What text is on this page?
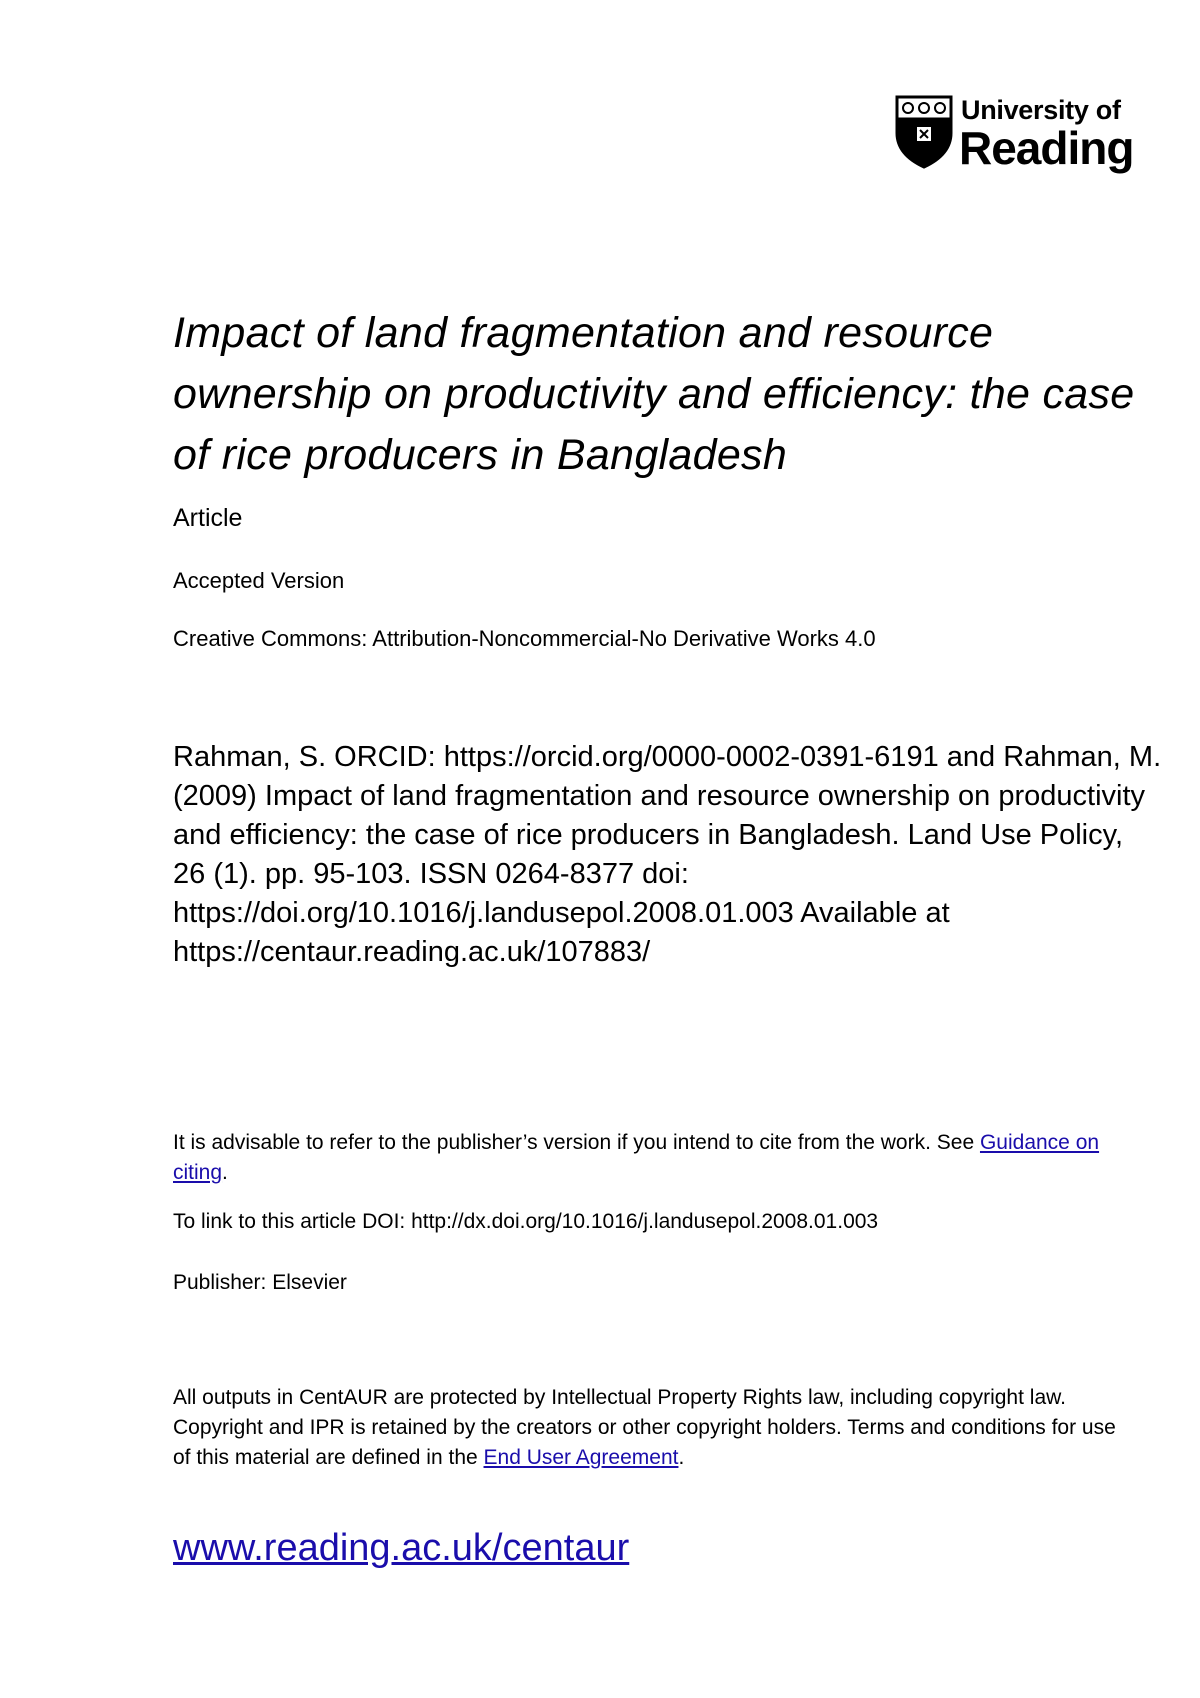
University of
Reading
Impact of land fragmentation and resource ownership on productivity and efficiency: the case of rice producers in Bangladesh
Article
Accepted Version
Creative Commons: Attribution-Noncommercial-No Derivative Works 4.0
Rahman, S. ORCID: https://orcid.org/0000-0002-0391-6191 and Rahman, M. (2009) Impact of land fragmentation and resource ownership on productivity and efficiency: the case of rice producers in Bangladesh. Land Use Policy, 26 (1). pp. 95-103. ISSN 0264-8377 doi: https://doi.org/10.1016/j.landusepol.2008.01.003 Available at https://centaur.reading.ac.uk/107883/
It is advisable to refer to the publisher’s version if you intend to cite from the work. See Guidance on citing.
To link to this article DOI: http://dx.doi.org/10.1016/j.landusepol.2008.01.003
Publisher: Elsevier
All outputs in CentAUR are protected by Intellectual Property Rights law, including copyright law. Copyright and IPR is retained by the creators or other copyright holders. Terms and conditions for use of this material are defined in the End User Agreement.
www.reading.ac.uk/centaur
